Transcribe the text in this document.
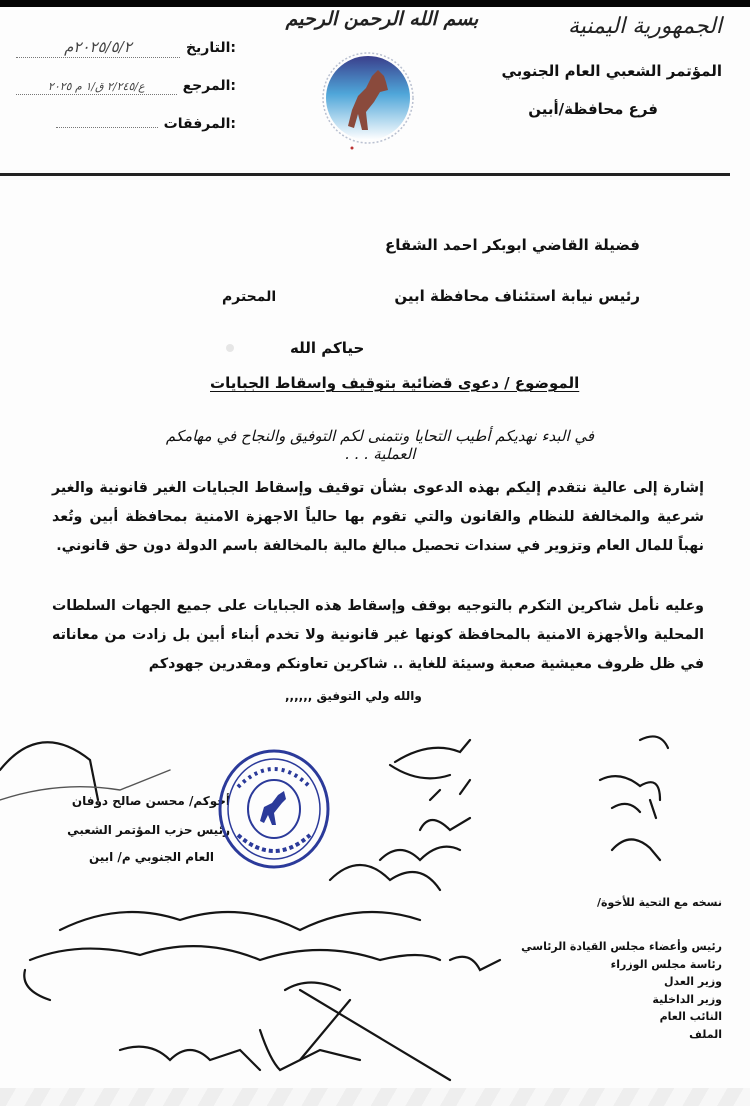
بسم الله الرحمن الرحيم	الجمهورية اليمنية
المؤتمر الشعبي العام الجنوبي
فرع محافظة/أبين
التاريخ:
٢٠٢٥/٥/٢م
المرجع:
ع/٢/٢٤٥ ق/١ م ٢٠٢٥
المرفقات:
فضيلة القاضي ابوبكر احمد الشقاع
رئيس نيابة استئناف محافظة ابين
المحترم
حياكم الله
الموضوع / دعوى قضائية بتوقيف واسقاط الجبايات
في البدء نهديكم أطيب التحايا ونتمنى لكم التوفيق والنجاح في مهامكم العملية . . .
إشارة إلى عالية نتقدم إليكم بهذه الدعوى بشأن توقيف وإسقاط الجبايات الغير قانونية والغير شرعية والمخالفة للنظام والقانون والتي تقوم بها حالياً الاجهزة الامنية بمحافظة أبين وتُعد نهباً للمال العام وتزوير في سندات تحصيل مبالغ مالية بالمخالفة باسم الدولة دون حق قانوني.
وعليه نأمل شاكرين التكرم بالتوجيه بوقف وإسقاط هذه الجبايات على جميع الجهات السلطات المحلية والأجهزة الامنية بالمحافظة كونها غير قانونية ولا تخدم أبناء أبين بل زادت من معاناته في ظل ظروف معيشية صعبة وسيئة للغاية .. شاكرين تعاونكم ومقدرين جهودكم
والله ولي التوفيق ,,,,,,
أخوكم/ محسن صالح دوفان
رئيس حزب المؤتمر الشعبي
العام الجنوبي م/ ابين
نسخه مع التحية للأخوة/
رئيس وأعضاء مجلس القيادة الرئاسي
رئاسة مجلس الوزراء
وزير العدل
وزير الداخلية
النائب العام
الملف
